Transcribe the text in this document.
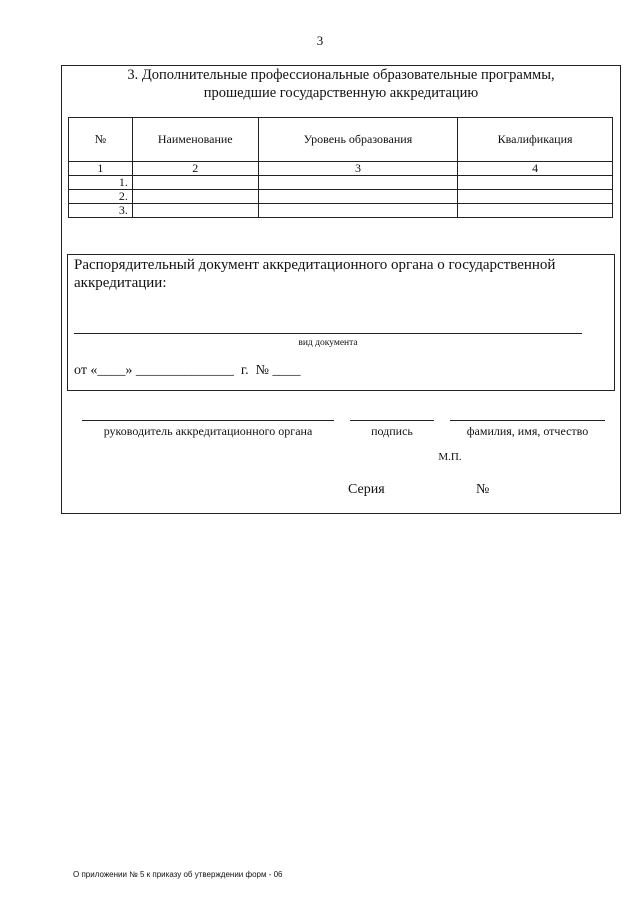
3
3. Дополнительные профессиональные образовательные программы,
прошедшие государственную аккредитацию
№	Наименование	Уровень образования	Квалификация
1	2	3	4
1.			
2.			
3.			
Распорядительный документ аккредитационного органа о государственной аккредитации:
вид документа
от «____» ______________  г.  № ____
руководитель аккредитационного органа	подпись	фамилия, имя, отчество
М.П.
Серия	№
О приложении № 5 к приказу об утверждении форм - 06
